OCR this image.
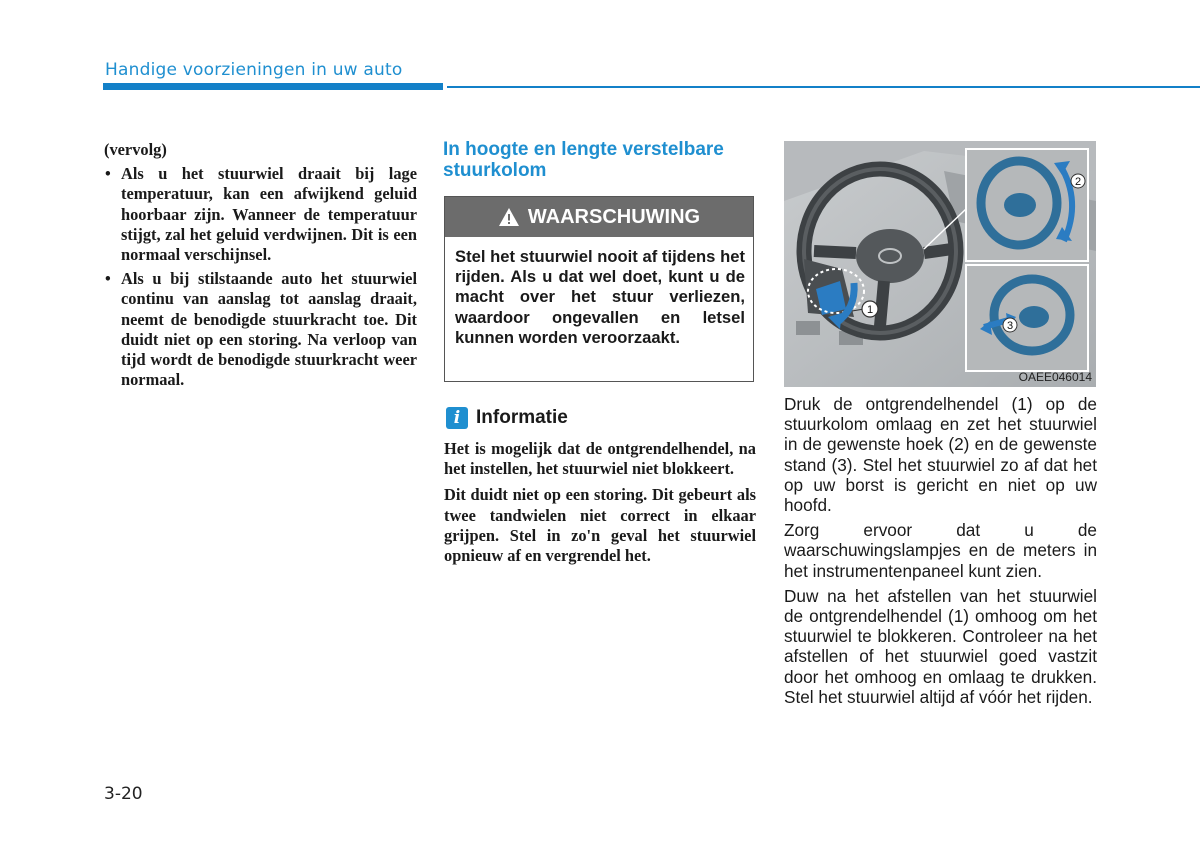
Handige voorzieningen in uw auto

(vervolg)

• Als u het stuurwiel draait bij lage temperatuur, kan een afwijkend geluid hoorbaar zijn. Wanneer de temperatuur stijgt, zal het geluid verdwijnen. Dit is een normaal verschijnsel.
• Als u bij stilstaande auto het stuurwiel continu van aanslag tot aanslag draait, neemt de benodigde stuurkracht toe. Dit duidt niet op een storing. Na verloop van tijd wordt de benodigde stuurkracht weer normaal.
In hoogte en lengte verstelbare stuurkolom
WAARSCHUWING
Stel het stuurwiel nooit af tijdens het rijden. Als u dat wel doet, kunt u de macht over het stuur verliezen, waardoor ongevallen en letsel kunnen worden veroorzaakt.
i Informatie

Het is mogelijk dat de ontgrendelhendel, na het instellen, het stuurwiel niet blokkeert.

Dit duidt niet op een storing. Dit gebeurt als twee tandwielen niet correct in elkaar grijpen. Stel in zo'n geval het stuurwiel opnieuw af en vergrendel het.

1
2
3
OAEE046014

Druk de ontgrendelhendel (1) op de stuurkolom omlaag en zet het stuurwiel in de gewenste hoek (2) en de gewenste stand (3). Stel het stuurwiel zo af dat het op uw borst is gericht en niet op uw hoofd.

Zorg ervoor dat u de waarschuwingslampjes en de meters in het instrumentenpaneel kunt zien.

Duw na het afstellen van het stuurwiel de ontgrendelhendel (1) omhoog om het stuurwiel te blokkeren. Controleer na het afstellen of het stuurwiel goed vastzit door het omhoog en omlaag te drukken. Stel het stuurwiel altijd af vóór het rijden.

3-20
